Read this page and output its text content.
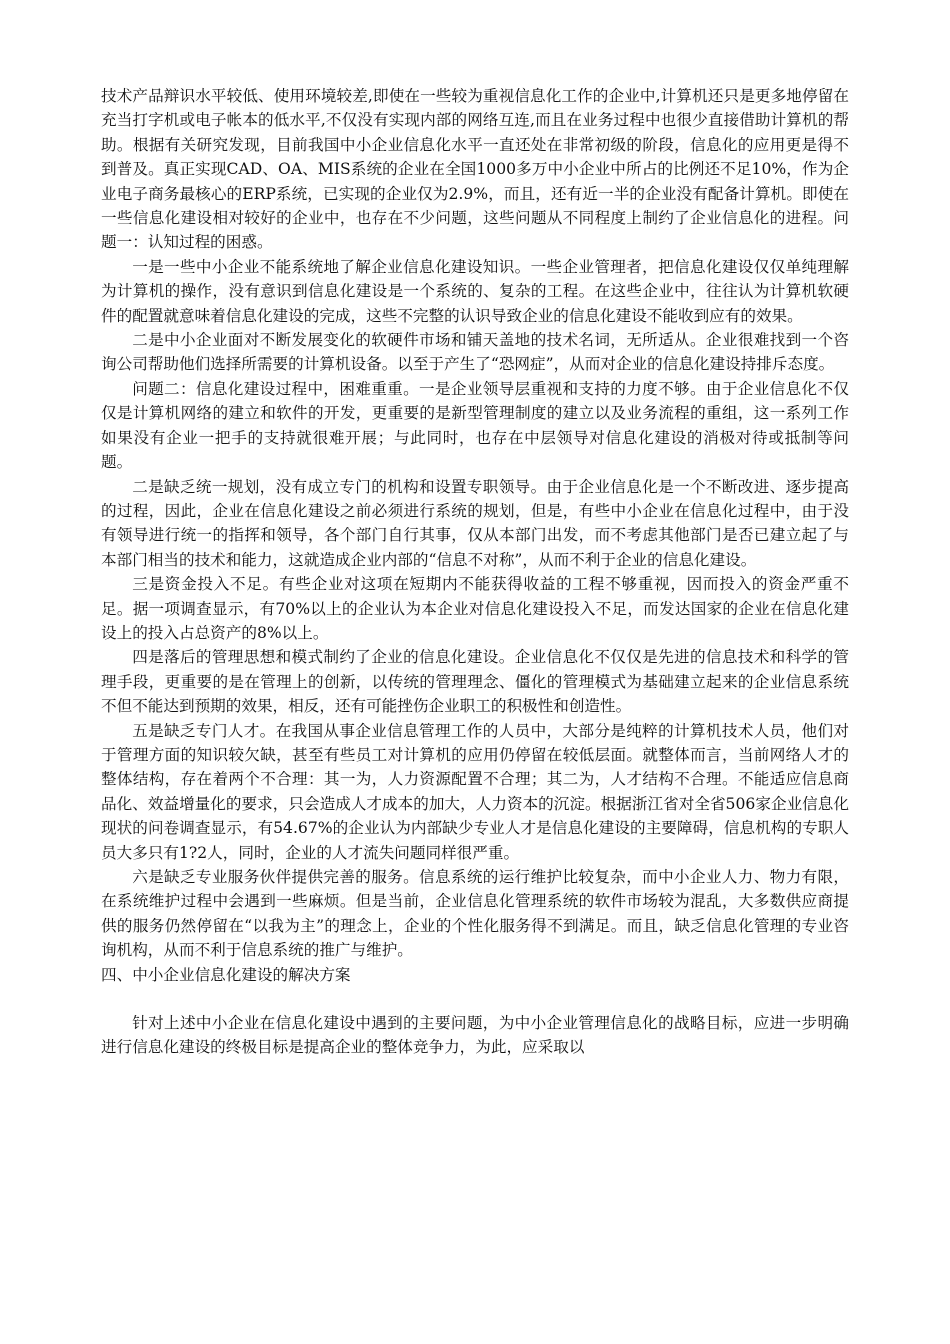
技术产品辩识水平较低、使用环境较差,即使在一些较为重视信息化工作的企业中,计算机还只是更多地停留在充当打字机或电子帐本的低水平,不仅没有实现内部的网络互连,而且在业务过程中也很少直接借助计算机的帮助。根据有关研究发现，目前我国中小企业信息化水平一直还处在非常初级的阶段，信息化的应用更是得不到普及。真正实现CAD、OA、MIS系统的企业在全国1000多万中小企业中所占的比例还不足10%，作为企业电子商务最核心的ERP系统，已实现的企业仅为2.9%，而且，还有近一半的企业没有配备计算机。即使在一些信息化建设相对较好的企业中，也存在不少问题，这些问题从不同程度上制约了企业信息化的进程。问题一：认知过程的困惑。

一是一些中小企业不能系统地了解企业信息化建设知识。一些企业管理者，把信息化建设仅仅单纯理解为计算机的操作，没有意识到信息化建设是一个系统的、复杂的工程。在这些企业中，往往认为计算机软硬件的配置就意味着信息化建设的完成，这些不完整的认识导致企业的信息化建设不能收到应有的效果。

二是中小企业面对不断发展变化的软硬件市场和铺天盖地的技术名词，无所适从。企业很难找到一个咨询公司帮助他们选择所需要的计算机设备。以至于产生了“恐网症”，从而对企业的信息化建设持排斥态度。

问题二：信息化建设过程中，困难重重。一是企业领导层重视和支持的力度不够。由于企业信息化不仅仅是计算机网络的建立和软件的开发，更重要的是新型管理制度的建立以及业务流程的重组，这一系列工作如果没有企业一把手的支持就很难开展；与此同时，也存在中层领导对信息化建设的消极对待或抵制等问题。

二是缺乏统一规划，没有成立专门的机构和设置专职领导。由于企业信息化是一个不断改进、逐步提高的过程，因此，企业在信息化建设之前必须进行系统的规划，但是，有些中小企业在信息化过程中，由于没有领导进行统一的指挥和领导，各个部门自行其事，仅从本部门出发，而不考虑其他部门是否已建立起了与本部门相当的技术和能力，这就造成企业内部的“信息不对称”，从而不利于企业的信息化建设。

三是资金投入不足。有些企业对这项在短期内不能获得收益的工程不够重视，因而投入的资金严重不足。据一项调查显示，有70%以上的企业认为本企业对信息化建设投入不足，而发达国家的企业在信息化建设上的投入占总资产的8%以上。

四是落后的管理思想和模式制约了企业的信息化建设。企业信息化不仅仅是先进的信息技术和科学的管理手段，更重要的是在管理上的创新，以传统的管理理念、僵化的管理模式为基础建立起来的企业信息系统不但不能达到预期的效果，相反，还有可能挫伤企业职工的积极性和创造性。

五是缺乏专门人才。在我国从事企业信息管理工作的人员中，大部分是纯粹的计算机技术人员，他们对于管理方面的知识较欠缺，甚至有些员工对计算机的应用仍停留在较低层面。就整体而言，当前网络人才的整体结构，存在着两个不合理：其一为，人力资源配置不合理；其二为，人才结构不合理。不能适应信息商品化、效益增量化的要求，只会造成人才成本的加大，人力资本的沉淀。根据浙江省对全省506家企业信息化现状的问卷调查显示，有54.67%的企业认为内部缺少专业人才是信息化建设的主要障碍，信息机构的专职人员大多只有1?2人，同时，企业的人才流失问题同样很严重。

六是缺乏专业服务伙伴提供完善的服务。信息系统的运行维护比较复杂，而中小企业人力、物力有限，在系统维护过程中会遇到一些麻烦。但是当前，企业信息化管理系统的软件市场较为混乱，大多数供应商提供的服务仍然停留在“以我为主”的理念上，企业的个性化服务得不到满足。而且，缺乏信息化管理的专业咨询机构，从而不利于信息系统的推广与维护。

四、中小企业信息化建设的解决方案

针对上述中小企业在信息化建设中遇到的主要问题，为中小企业管理信息化的战略目标，应进一步明确进行信息化建设的终极目标是提高企业的整体竞争力，为此，应采取以
